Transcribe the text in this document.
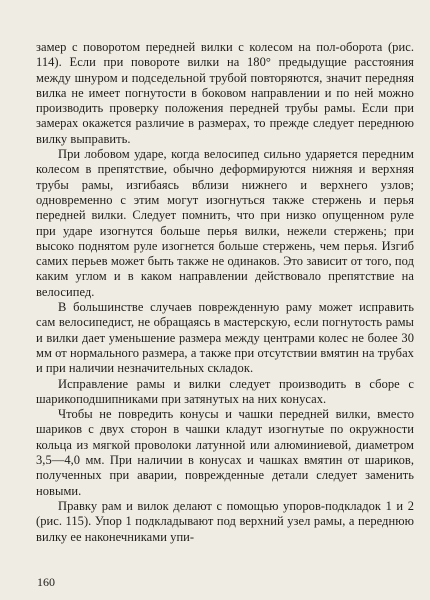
замер с поворотом передней вилки с колесом на пол-оборота (рис. 114). Если при повороте вилки на 180° предыдущие расстояния между шнуром и подседельной трубой повторяются, значит передняя вилка не имеет погнутости в боковом направлении и по ней можно производить проверку положения передней трубы рамы. Если при замерах окажется различие в размерах, то прежде следует переднюю вилку выправить.

При лобовом ударе, когда велосипед сильно ударяется передним колесом в препятствие, обычно деформируются нижняя и верхняя трубы рамы, изгибаясь вблизи нижнего и верхнего узлов; одновременно с этим могут изогнуться также стержень и перья передней вилки. Следует помнить, что при низко опущенном руле при ударе изогнутся больше перья вилки, нежели стержень; при высоко поднятом руле изогнется больше стержень, чем перья. Изгиб самих перьев может быть также не одинаков. Это зависит от того, под каким углом и в каком направлении действовало препятствие на велосипед.

В большинстве случаев поврежденную раму может исправить сам велосипедист, не обращаясь в мастерскую, если погнутость рамы и вилки дает уменьшение размера между центрами колес не более 30 мм от нормального размера, а также при отсутствии вмятин на трубах и при наличии незначительных складок.

Исправление рамы и вилки следует производить в сборе с шарикоподшипниками при затянутых на них конусах.

Чтобы не повредить конусы и чашки передней вилки, вместо шариков с двух сторон в чашки кладут изогнутые по окружности кольца из мягкой проволоки латунной или алюминиевой, диаметром 3,5—4,0 мм. При наличии в конусах и чашках вмятин от шариков, полученных при аварии, поврежденные детали следует заменить новыми.

Правку рам и вилок делают с помощью упоров-подкладок 1 и 2 (рис. 115). Упор 1 подкладывают под верхний узел рамы, а переднюю вилку ее наконечниками упи-

160
